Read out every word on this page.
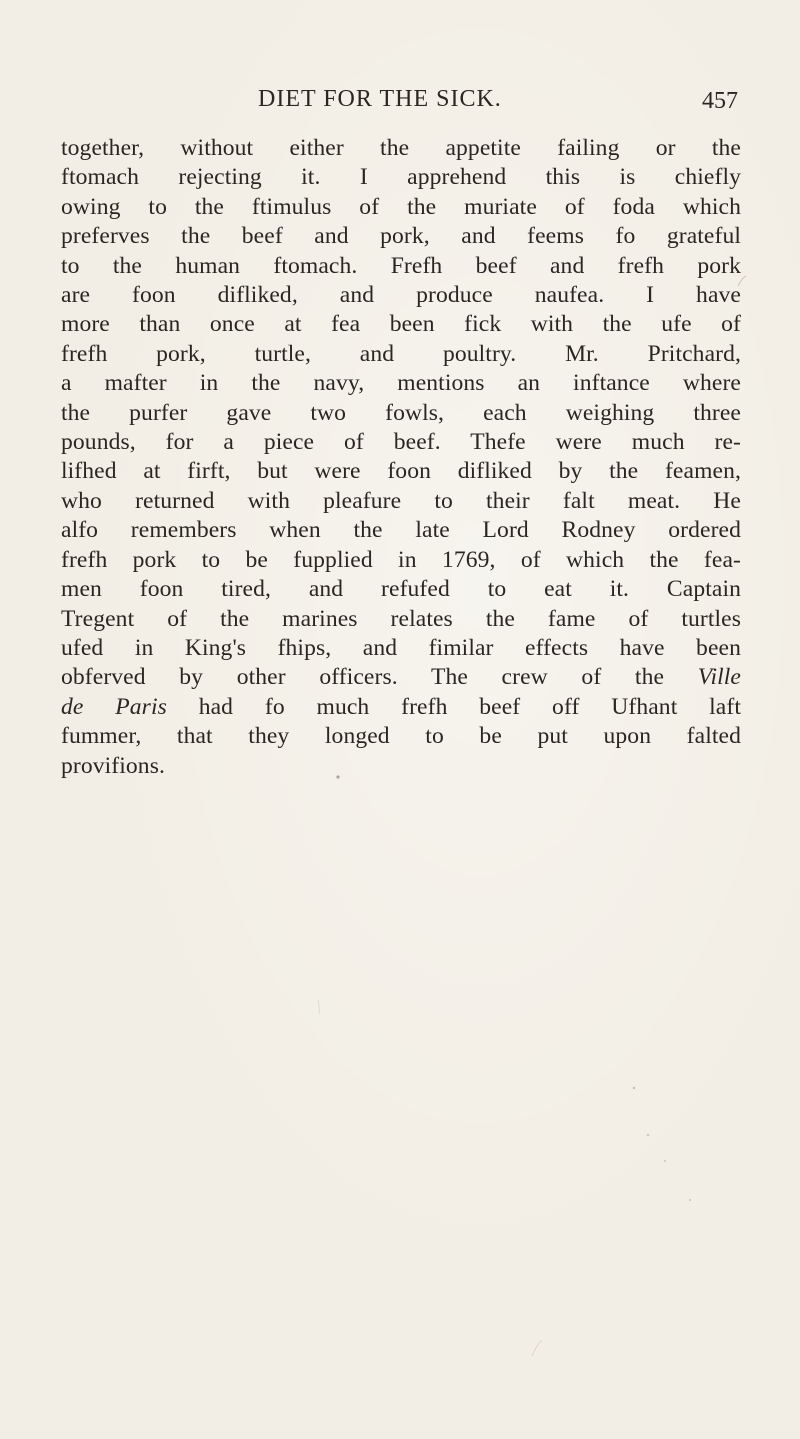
DIET FOR THE SICK.	457
together, without either the appetite failing or the
ftomach rejecting it. I apprehend this is chiefly
owing to the ftimulus of the muriate of foda which
preferves the beef and pork, and feems fo grateful
to the human ftomach. Frefh beef and frefh pork
are foon difliked, and produce naufea. I have
more than once at fea been fick with the ufe of
frefh pork, turtle, and poultry. Mr. Pritchard,
a mafter in the navy, mentions an inftance where
the purfer gave two fowls, each weighing three
pounds, for a piece of beef. Thefe were much re-
lifhed at firft, but were foon difliked by the feamen,
who returned with pleafure to their falt meat. He
alfo remembers when the late Lord Rodney ordered
frefh pork to be fupplied in 1769, of which the fea-
men foon tired, and refufed to eat it. Captain
Tregent of the marines relates the fame of turtles
ufed in King's fhips, and fimilar effects have been
obferved by other officers. The crew of the Ville
de Paris had fo much frefh beef off Ufhant laft
fummer, that they longed to be put upon falted
provifions.
